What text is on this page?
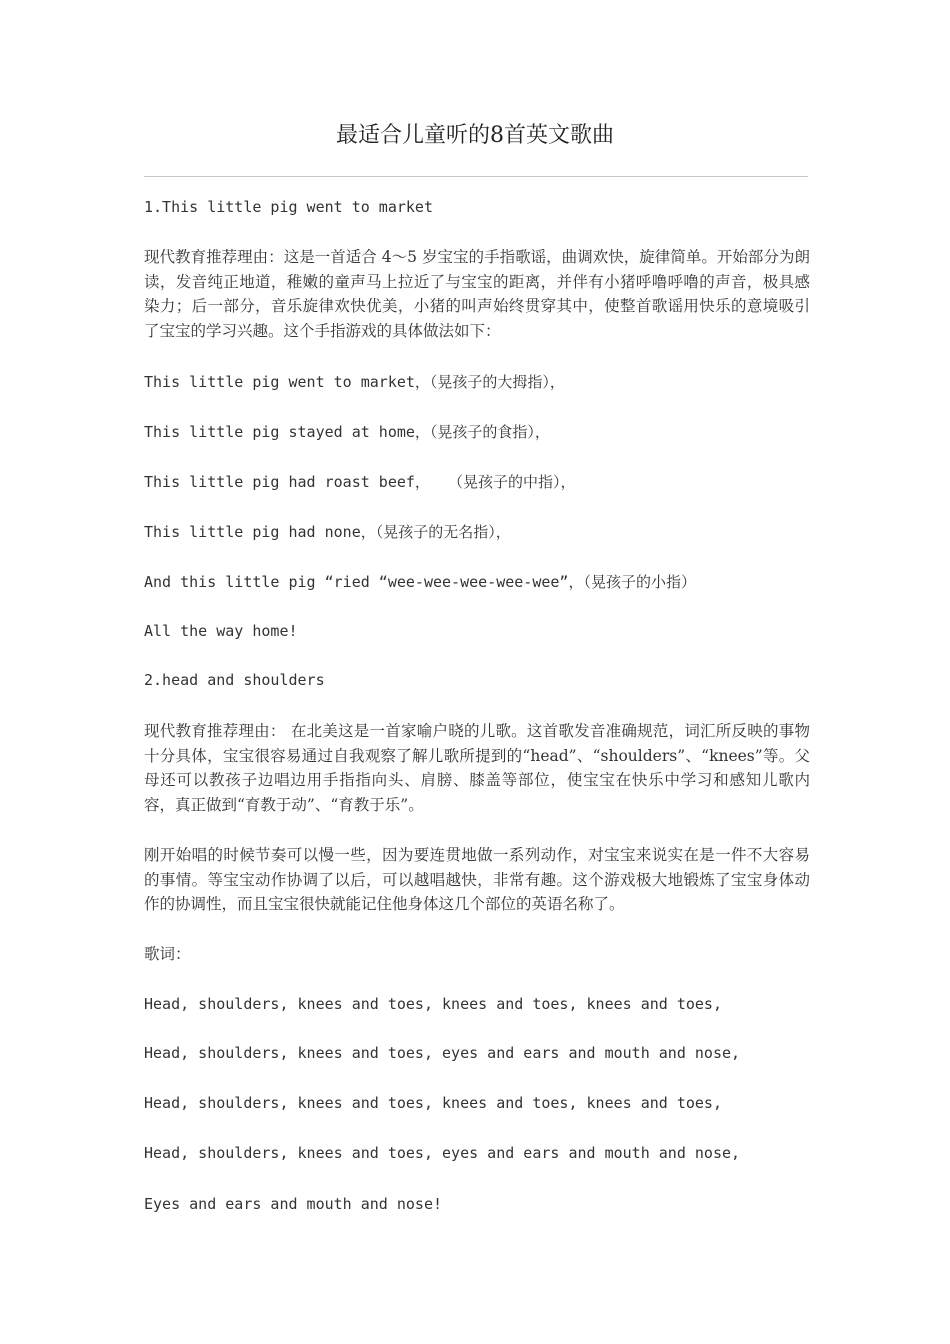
最适合儿童听的8首英文歌曲
1.This little pig went to market

现代教育推荐理由：这是一首适合 4～5 岁宝宝的手指歌谣，曲调欢快，旋律简单。开始部分为朗读，发音纯正地道，稚嫩的童声马上拉近了与宝宝的距离，并伴有小猪呼噜呼噜的声音，极具感染力；后一部分，音乐旋律欢快优美，小猪的叫声始终贯穿其中，使整首歌谣用快乐的意境吸引了宝宝的学习兴趣。这个手指游戏的具体做法如下：

This little pig went to market，（晃孩子的大拇指），
This little pig stayed at home，（晃孩子的食指），
This little pig had roast beef，  （晃孩子的中指），
This little pig had none，（晃孩子的无名指），
And this little pig “ried “wee-wee-wee-wee-wee”，（晃孩子的小指）
All the way home!
2.head and shoulders

现代教育推荐理由： 在北美这是一首家喻户晓的儿歌。这首歌发音准确规范，词汇所反映的事物十分具体，宝宝很容易通过自我观察了解儿歌所提到的“head”、“shoulders”、“knees”等。父母还可以教孩子边唱边用手指指向头、肩膀、膝盖等部位，使宝宝在快乐中学习和感知儿歌内容，真正做到“育教于动”、“育教于乐”。

刚开始唱的时候节奏可以慢一些，因为要连贯地做一系列动作，对宝宝来说实在是一件不大容易的事情。等宝宝动作协调了以后，可以越唱越快，非常有趣。这个游戏极大地锻炼了宝宝身体动作的协调性，而且宝宝很快就能记住他身体这几个部位的英语名称了。

歌词：
Head, shoulders, knees and toes, knees and toes, knees and toes,
Head, shoulders, knees and toes, eyes and ears and mouth and nose,
Head, shoulders, knees and toes, knees and toes, knees and toes,
Head, shoulders, knees and toes, eyes and ears and mouth and nose,
Eyes and ears and mouth and nose!
